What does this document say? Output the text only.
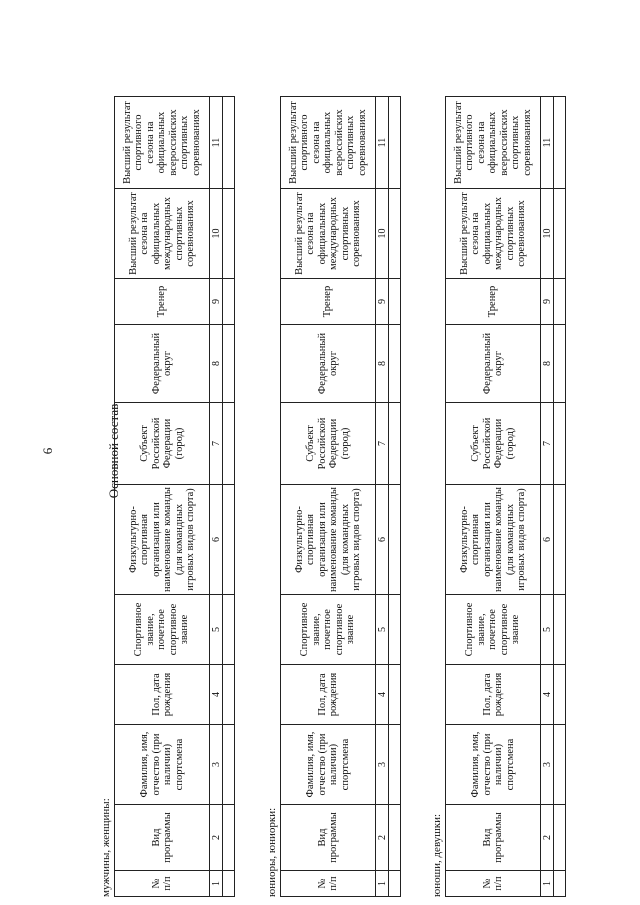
6	Основной состав
мужчины, женщины:	№ п/п	Вид программы	Фамилия, имя, отчество (при наличии) спортсмена	Пол, дата рождения	Спортивное звание, почетное спортивное звание	Физкультурно-спортивная организация или наименование команды (для командных игровых видов спорта)	Субъект Российской Федерации (город)	Федеральный округ	Тренер	Высший результат сезона на официальных международных спортивных соревнованиях	Высший результат спортивного сезона на официальных всероссийских спортивных соревнованиях
1	2	3	4	5	6	7	8	9	10	11

юниоры, юниорки:	№ п/п	Вид программы	Фамилия, имя, отчество (при наличии) спортсмена	Пол, дата рождения	Спортивное звание, почетное спортивное звание	Физкультурно-спортивная организация или наименование команды (для командных игровых видов спорта)	Субъект Российской Федерации (город)	Федеральный округ	Тренер	Высший результат сезона на официальных международных спортивных соревнованиях	Высший результат спортивного сезона на официальных всероссийских спортивных соревнованиях
1	2	3	4	5	6	7	8	9	10	11

юноши, девушки:	№ п/п	Вид программы	Фамилия, имя, отчество (при наличии) спортсмена	Пол, дата рождения	Спортивное звание, почетное спортивное звание	Физкультурно-спортивная организация или наименование команды (для командных игровых видов спорта)	Субъект Российской Федерации (город)	Федеральный округ	Тренер	Высший результат сезона на официальных международных спортивных соревнованиях	Высший результат спортивного сезона на официальных всероссийских спортивных соревнованиях
1	2	3	4	5	6	7	8	9	10	11
